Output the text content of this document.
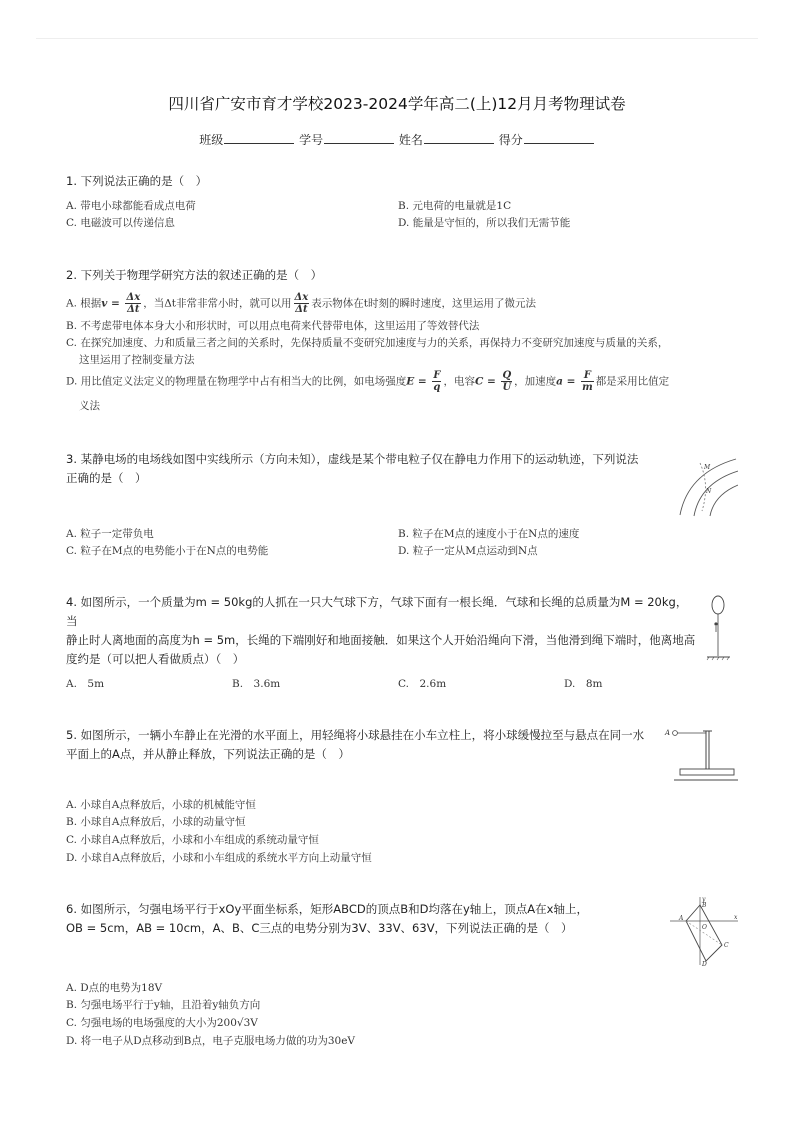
四川省广安市育才学校2023-2024学年高二(上)12月月考物理试卷
班级	学号	姓名	得分
1. 下列说法正确的是（　）
A. 带电小球都能看成点电荷	B. 元电荷的电量就是1C
C. 电磁波可以传递信息	D. 能量是守恒的，所以我们无需节能
2. 下列关于物理学研究方法的叙述正确的是（　）
A. 根据$v = \frac{\Delta x}{\Delta t}$ ，当Δt非常非常小时，就可以用 $\frac{\Delta x}{\Delta t}$ 表示物体在t时刻的瞬时速度，这里运用了微元法
B. 不考虑带电体本身大小和形状时，可以用点电荷来代替带电体，这里运用了等效替代法
C. 在探究加速度、力和质量三者之间的关系时，先保持质量不变研究加速度与力的关系，再保持力不变研究加速度与质量的关系，
这里运用了控制变量方法
D. 用比值定义法定义的物理量在物理学中占有相当大的比例，如电场强度$E = \frac{F}{q}$ ，电容$C = \frac{Q}{U}$ ，加速度$a = \frac{F}{m}$ 都是采用比值定
义法
3. 某静电场的电场线如图中实线所示（方向未知），虚线是某个带电粒子仅在静电力作用下的运动轨迹，下列说法
正确的是（　）
M
N
A. 粒子一定带负电	B. 粒子在M点的速度小于在N点的速度
C. 粒子在M点的电势能小于在N点的电势能	D. 粒子一定从M点运动到N点
4. 如图所示，一个质量为m = 50kg的人抓在一只大气球下方，气球下面有一根长绳．气球和长绳的总质量为M = 20kg，当
静止时人离地面的高度为h = 5m，长绳的下端刚好和地面接触．如果这个人开始沿绳向下滑，当他滑到绳下端时，他离地高
度约是（可以把人看做质点）（　）
A.　5m	B.　3.6m	C.　2.6m	D.　8m
5. 如图所示，一辆小车静止在光滑的水平面上，用轻绳将小球悬挂在小车立柱上，将小球缓慢拉至与悬点在同一水
平面上的A点，并从静止释放，下列说法正确的是（　）
A
A. 小球自A点释放后，小球的机械能守恒
B. 小球自A点释放后，小球的动量守恒
C. 小球自A点释放后，小球和小车组成的系统动量守恒
D. 小球自A点释放后，小球和小车组成的系统水平方向上动量守恒
6. 如图所示，匀强电场平行于xOy平面坐标系，矩形ABCD的顶点B和D均落在y轴上，顶点A在x轴上，
OB = 5cm，AB = 10cm，A、B、C三点的电势分别为3V、33V、63V，下列说法正确的是（　）
y
B
A
O
x
C
D
A. D点的电势为18V
B. 匀强电场平行于y轴，且沿着y轴负方向
C. 匀强电场的电场强度的大小为200√3V
D. 将一电子从D点移动到B点，电子克服电场力做的功为30eV
